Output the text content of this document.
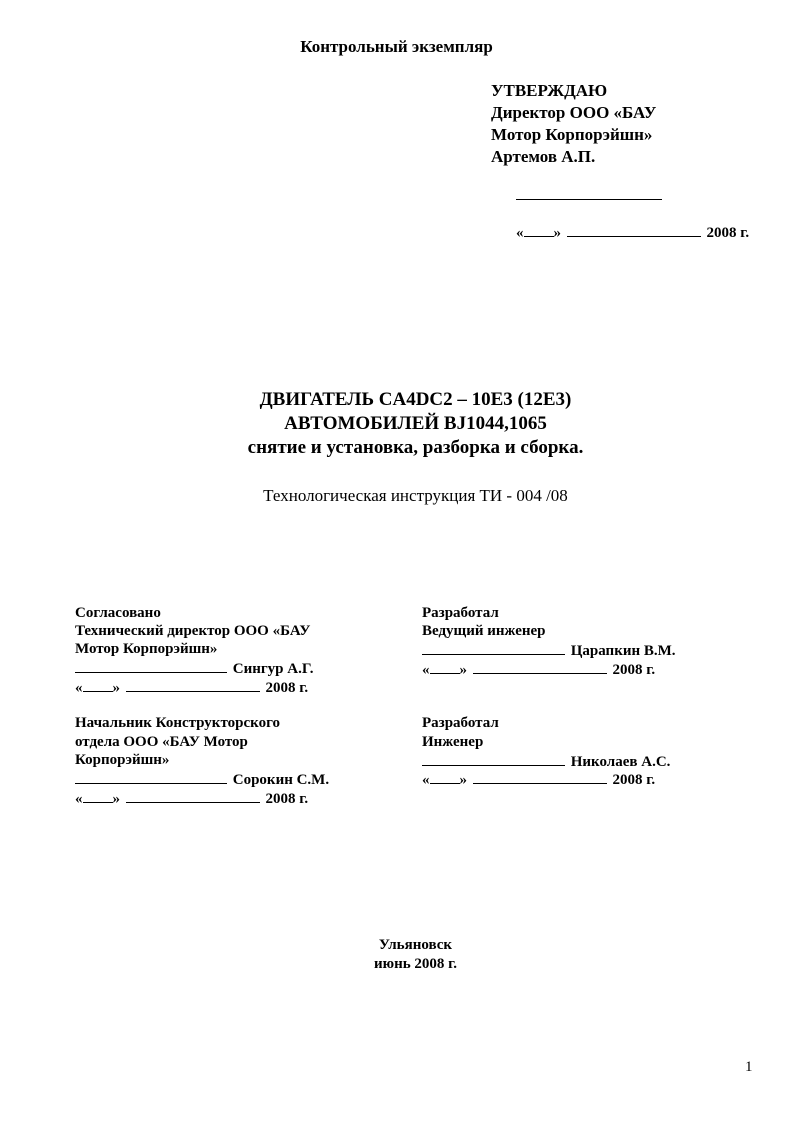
Контрольный экземпляр
УТВЕРЖДАЮ
Директор ООО «БАУ
Мотор Корпорэйшн»
Артемов А.П.
« »	2008 г.
ДВИГАТЕЛЬ CA4DC2 – 10E3 (12E3)
АВТОМОБИЛЕЙ BJ1044,1065
снятие и установка, разборка и сборка.
Технологическая инструкция ТИ - 004 /08
Согласовано
Технический директор ООО «БАУ
Мотор Корпорэйшн»
Сингур А.Г.
« »	2008 г.
Разработал
Ведущий инженер
Царапкин В.М.
« »	2008 г.
Начальник Конструкторского
отдела ООО «БАУ Мотор
Корпорэйшн»
Сорокин С.М.
« »	2008 г.
Разработал
Инженер
Николаев А.С.
« »	2008 г.
Ульяновск
июнь 2008 г.
1
